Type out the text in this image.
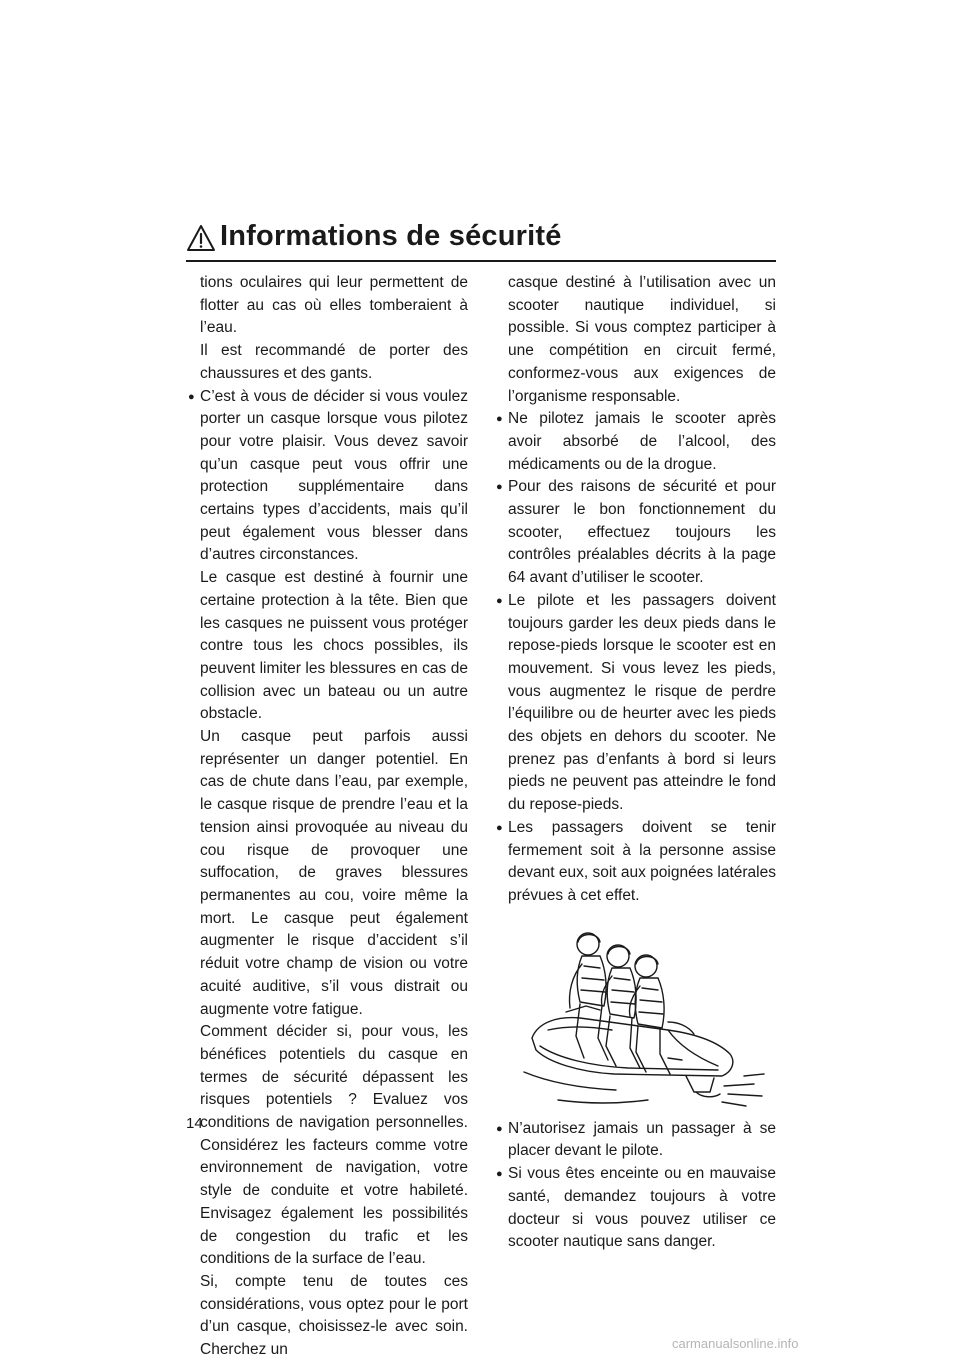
Informations de sécurité

tions oculaires qui leur permettent de flotter au cas où elles tomberaient à l’eau.

Il est recommandé de porter des chaussures et des gants.

● C’est à vous de décider si vous voulez porter un casque lorsque vous pilotez pour votre plaisir. Vous devez savoir qu’un casque peut vous offrir une protection supplémentaire dans certains types d’accidents, mais qu’il peut également vous blesser dans d’autres circonstances.

Le casque est destiné à fournir une certaine protection à la tête. Bien que les casques ne puissent vous protéger contre tous les chocs possibles, ils peuvent limiter les blessures en cas de collision avec un bateau ou un autre obstacle.

Un casque peut parfois aussi représenter un danger potentiel. En cas de chute dans l’eau, par exemple, le casque risque de prendre l’eau et la tension ainsi provoquée au niveau du cou risque de provoquer une suffocation, de graves blessures permanentes au cou, voire même la mort. Le casque peut également augmenter le risque d’accident s’il réduit votre champ de vision ou votre acuité auditive, s’il vous distrait ou augmente votre fatigue.

Comment décider si, pour vous, les bénéfices potentiels du casque en termes de sécurité dépassent les risques potentiels ? Evaluez vos conditions de navigation personnelles. Considérez les facteurs comme votre environnement de navigation, votre style de conduite et votre habileté. Envisagez également les possibilités de congestion du trafic et les conditions de la surface de l’eau.

Si, compte tenu de toutes ces considérations, vous optez pour le port d’un casque, choisissez-le avec soin. Cherchez un

casque destiné à l’utilisation avec un scooter nautique individuel, si possible. Si vous comptez participer à une compétition en circuit fermé, conformez-vous aux exigences de l’organisme responsable.

● Ne pilotez jamais le scooter après avoir absorbé de l’alcool, des médicaments ou de la drogue.
● Pour des raisons de sécurité et pour assurer le bon fonctionnement du scooter, effectuez toujours les contrôles préalables décrits à la page 64 avant d’utiliser le scooter.
● Le pilote et les passagers doivent toujours garder les deux pieds dans le repose-pieds lorsque le scooter est en mouvement. Si vous levez les pieds, vous augmentez le risque de perdre l’équilibre ou de heurter avec les pieds des objets en dehors du scooter. Ne prenez pas d’enfants à bord si leurs pieds ne peuvent pas atteindre le fond du repose-pieds.
● Les passagers doivent se tenir fermement soit à la personne assise devant eux, soit aux poignées latérales prévues à cet effet.
● N’autorisez jamais un passager à se placer devant le pilote.
● Si vous êtes enceinte ou en mauvaise santé, demandez toujours à votre docteur si vous pouvez utiliser ce scooter nautique sans danger.
14
carmanualsonline.info
